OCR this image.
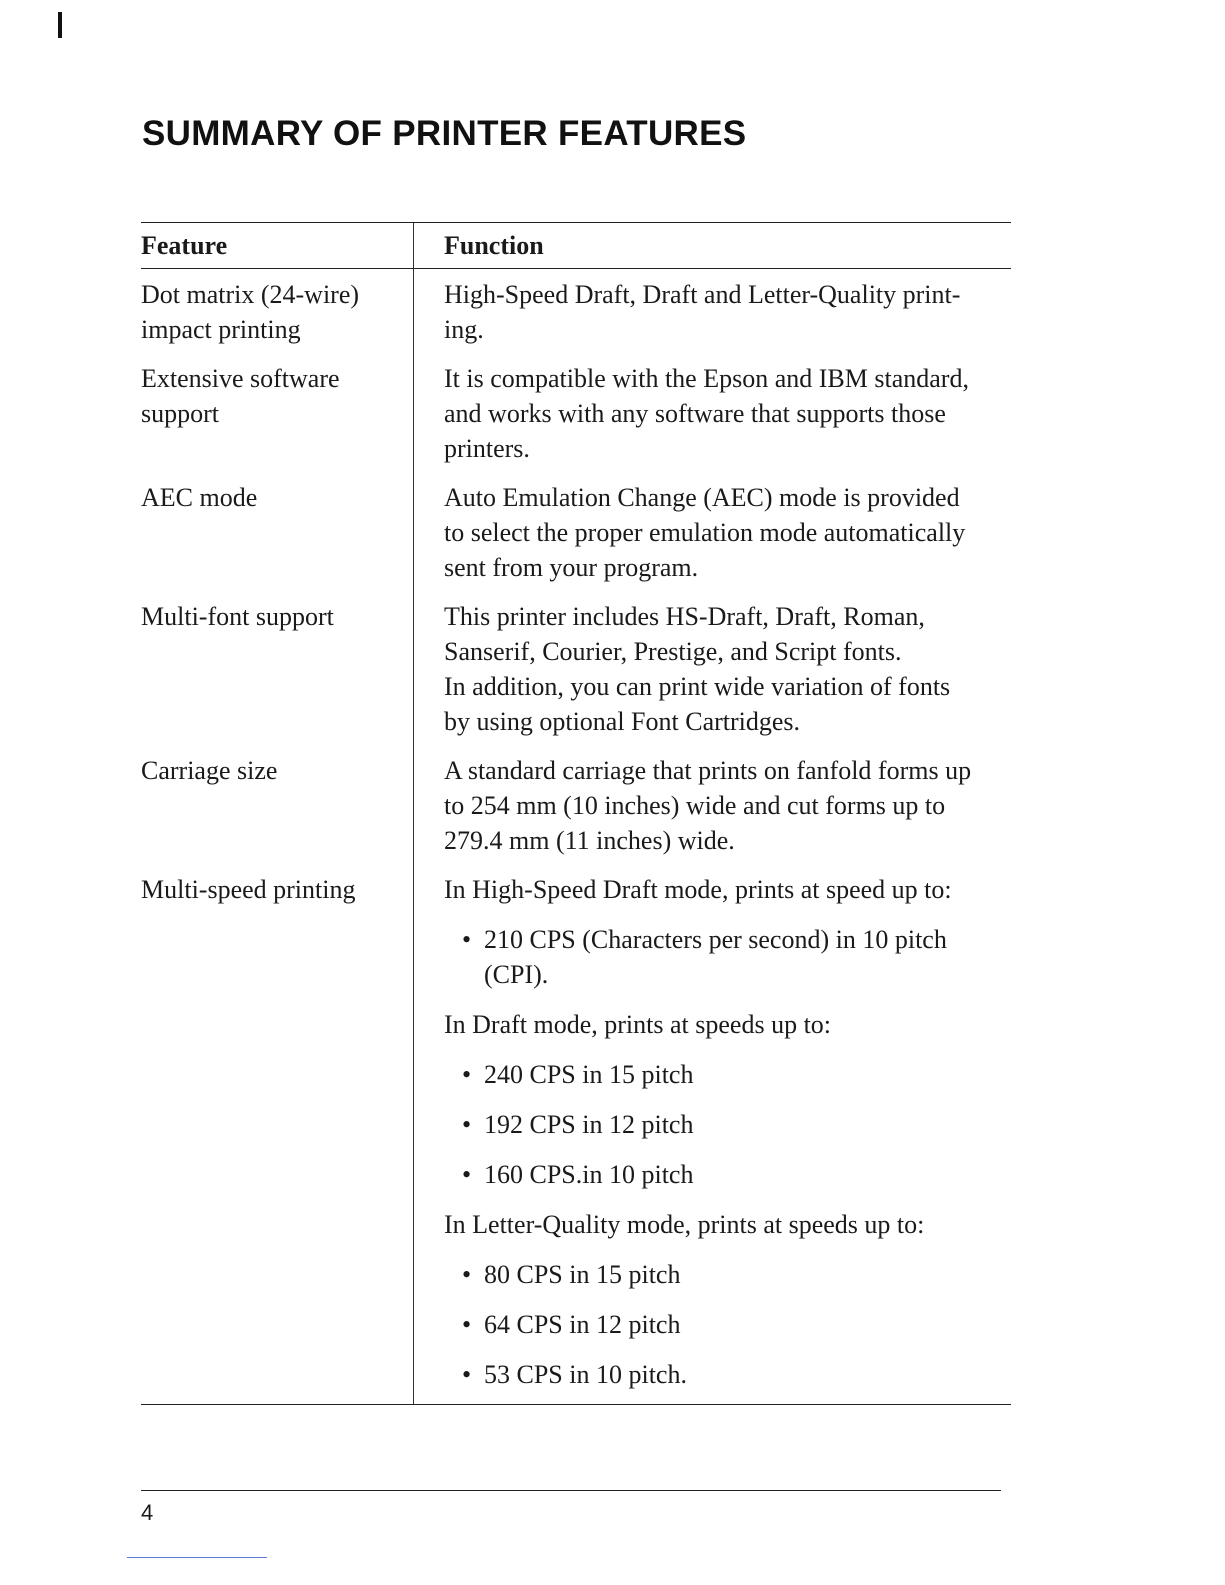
SUMMARY OF PRINTER FEATURES
Feature	Function
Dot matrix (24-wire)
impact printing
Extensive software
support
AEC mode
Multi-font support
Carriage size
Multi-speed printing
High-Speed Draft, Draft and Letter-Quality print-
ing.
It is compatible with the Epson and IBM standard,
and works with any software that supports those
printers.
Auto Emulation Change (AEC) mode is provided
to select the proper emulation mode automatically
sent from your program.
This printer includes HS-Draft, Draft, Roman,
Sanserif, Courier, Prestige, and Script fonts.
In addition, you can print wide variation of fonts
by using optional Font Cartridges.
A standard carriage that prints on fanfold forms up
to 254 mm (10 inches) wide and cut forms up to
279.4 mm (11 inches) wide.
In High-Speed Draft mode, prints at speed up to:
• 210 CPS (Characters per second) in 10 pitch
(CPI).
In Draft mode, prints at speeds up to:
• 240 CPS in 15 pitch
• 192 CPS in 12 pitch
• 160 CPS.in 10 pitch
In Letter-Quality mode, prints at speeds up to:
• 80 CPS in 15 pitch
• 64 CPS in 12 pitch
• 53 CPS in 10 pitch.
4
